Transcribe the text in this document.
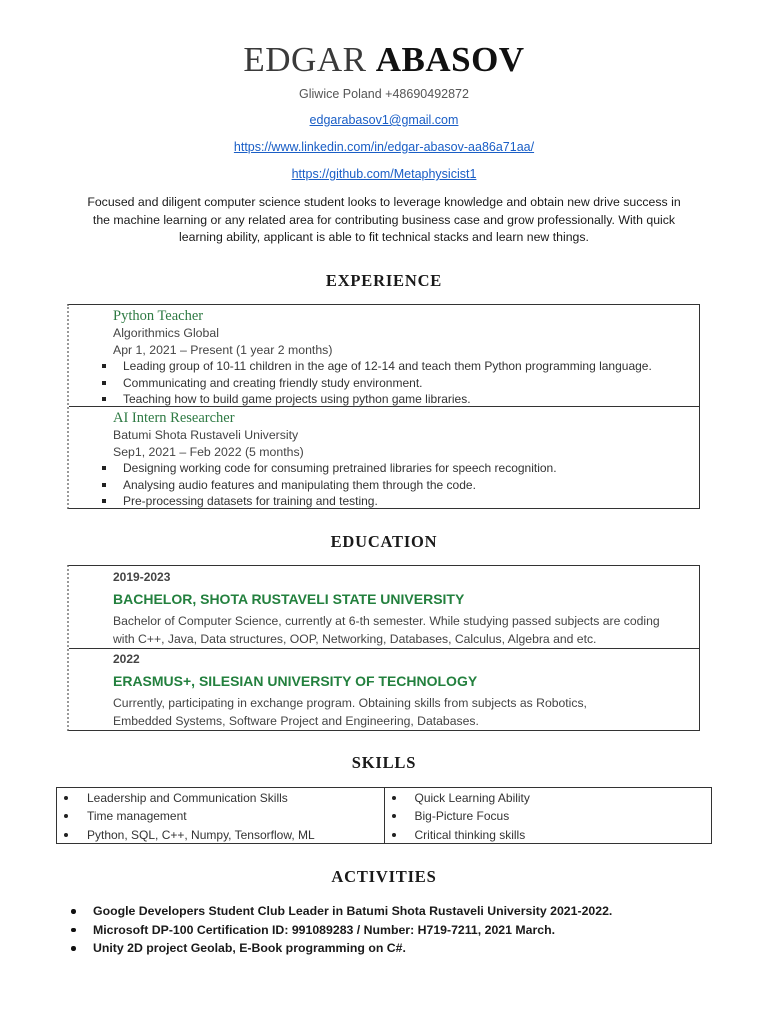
EDGAR ABASOV
Gliwice Poland +48690492872
edgarabasov1@gmail.com
https://www.linkedin.com/in/edgar-abasov-aa86a71aa/
https://github.com/Metaphysicist1
Focused and diligent computer science student looks to leverage knowledge and obtain new drive success in the machine learning or any related area for contributing business case and grow professionally. With quick learning ability, applicant is able to fit technical stacks and learn new things.
EXPERIENCE
Python Teacher
Algorithmics Global
Apr 1, 2021 – Present (1 year 2 months)
Leading group of 10-11 children in the age of 12-14 and teach them Python programming language.
Communicating and creating friendly study environment.
Teaching how to build game projects using python game libraries.
AI Intern Researcher
Batumi Shota Rustaveli University
Sep1, 2021 – Feb 2022 (5 months)
Designing working code for consuming pretrained libraries for speech recognition.
Analysing audio features and manipulating them through the code.
Pre-processing datasets for training and testing.
EDUCATION
2019-2023
BACHELOR, SHOTA RUSTAVELI STATE UNIVERSITY
Bachelor of Computer Science, currently at 6-th semester. While studying passed subjects are coding
with C++, Java, Data structures, OOP, Networking, Databases, Calculus, Algebra and etc.
2022
ERASMUS+, SILESIAN UNIVERSITY OF TECHNOLOGY
Currently, participating in exchange program. Obtaining skills from subjects as Robotics,
Embedded Systems, Software Project and Engineering, Databases.
SKILLS
Leadership and Communication Skills
Time management
Python, SQL, C++, Numpy, Tensorflow, ML
Quick Learning Ability
Big-Picture Focus
Critical thinking skills
ACTIVITIES
Google Developers Student Club Leader in Batumi Shota Rustaveli University 2021-2022.
Microsoft DP-100 Certification ID: 991089283 / Number: H719-7211, 2021 March.
Unity 2D project Geolab, E-Book programming on C#.
